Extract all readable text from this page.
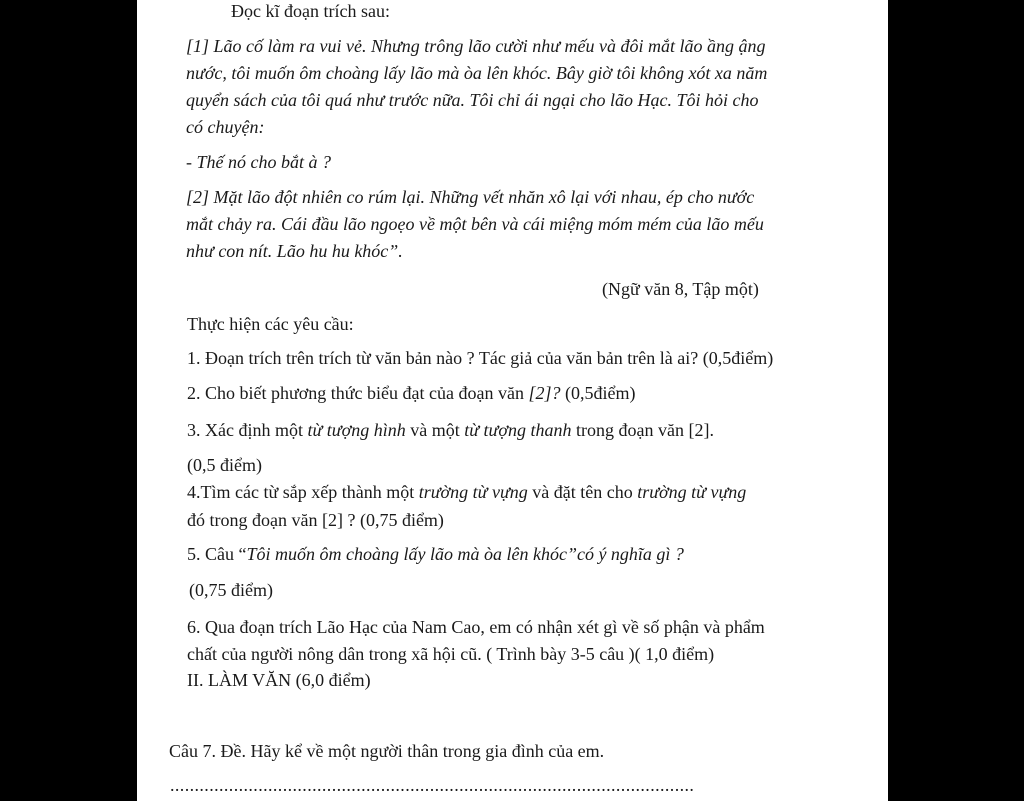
Đọc kĩ đoạn trích sau:
[1] Lão cố làm ra vui vẻ. Nhưng trông lão cười như mếu và đôi mắt lão ầng ậng
nước, tôi muốn ôm choàng lấy lão mà òa lên khóc. Bây giờ tôi không xót xa năm
quyển sách của tôi quá như trước nữa. Tôi chỉ ái ngại cho lão Hạc. Tôi hỏi cho
có chuyện:
- Thế nó cho bắt à ?
[2] Mặt lão đột nhiên co rúm lại. Những vết nhăn xô lại với nhau, ép cho nước
mắt chảy ra. Cái đầu lão ngoẹo về một bên và cái miệng móm mém của lão mếu
như con nít. Lão hu hu khóc”.
(Ngữ văn 8, Tập một)
Thực hiện các yêu cầu:
1. Đoạn trích trên trích từ văn bản nào ? Tác giả của văn bản trên là ai? (0,5điểm)
2. Cho biết phương thức biểu đạt của đoạn văn [2]? (0,5điểm)
3. Xác định một từ tượng hình và một từ tượng thanh trong đoạn văn [2].
(0,5 điểm)
4.Tìm các từ sắp xếp thành một trường từ vựng và đặt tên cho trường từ vựng
đó trong đoạn văn [2] ? (0,75 điểm)
5. Câu “Tôi muốn ôm choàng lấy lão mà òa lên khóc”có ý nghĩa gì ?
(0,75 điểm)
6. Qua đoạn trích Lão Hạc của Nam Cao, em có nhận xét gì về số phận và phẩm
chất của người nông dân trong xã hội cũ. ( Trình bày 3-5 câu )( 1,0 điểm)
II. LÀM VĂN (6,0 điểm)
Câu 7. Đề. Hãy kể về một người thân trong gia đình của em.
...........................................................................................................
